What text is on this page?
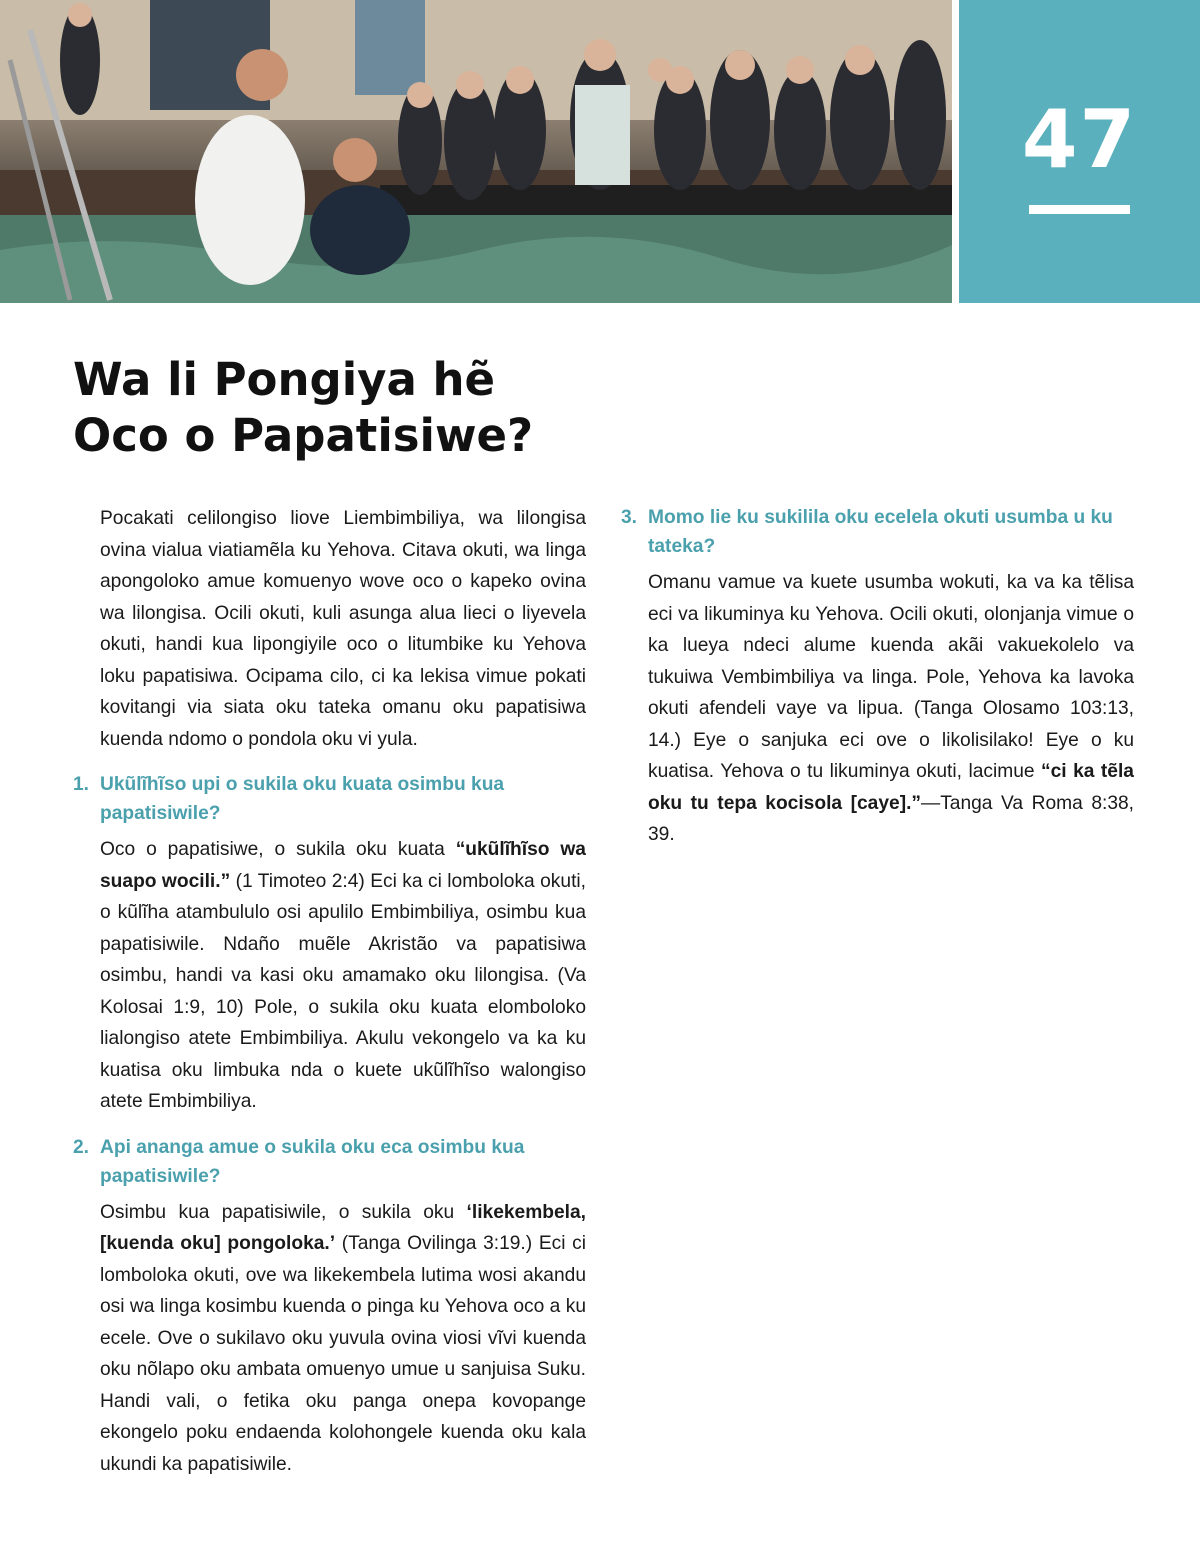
47
Wa li Pongiya hẽ
Oco o Papatisiwe?

Pocakati celilongiso liove Liembimbiliya, wa lilongisa ovina vialua viatiamẽla ku Yehova. Citava okuti, wa linga apongoloko amue komuenyo wove oco o kapeko ovina wa lilongisa. Ocili okuti, kuli asunga alua lieci o liyevela okuti, handi kua lipongiyile oco o litumbike ku Yehova loku papatisiwa. Ocipama cilo, ci ka lekisa vimue pokati kovitangi via siata oku tateka omanu oku papatisiwa kuenda ndomo o pondola oku vi yula.

1. Ukũlĩhĩso upi o sukila oku kuata osimbu kua papatisiwile?

Oco o papatisiwe, o sukila oku kuata “ukũlĩhĩso wa suapo wocili.” (1 Timoteo 2:4) Eci ka ci lomboloka okuti, o kũlĩha atambululo osi apulilo Embimbiliya, osimbu kua papatisiwile. Ndaño muẽle Akristão va papatisiwa osimbu, handi va kasi oku amamako oku lilongisa. (Va Kolosai 1:9, 10) Pole, o sukila oku kuata elomboloko lialongiso atete Embimbiliya. Akulu vekongelo va ka ku kuatisa oku limbuka nda o kuete ukũlĩhĩso walongiso atete Embimbiliya.

2. Api ananga amue o sukila oku eca osimbu kua papatisiwile?

Osimbu kua papatisiwile, o sukila oku ‘likekembela, [kuenda oku] pongoloka.’ (Tanga Ovilinga 3:19.) Eci ci lomboloka okuti, ove wa likekembela lutima wosi akandu osi wa linga kosimbu kuenda o pinga ku Yehova oco a ku ecele. Ove o sukilavo oku yuvula ovina viosi vĩvi kuenda oku nõlapo oku ambata omuenyo umue u sanjuisa Suku. Handi vali, o fetika oku panga onepa kovopange ekongelo poku endaenda kolohongele kuenda oku kala ukundi ka papatisiwile.

3. Momo lie ku sukilila oku ecelela okuti usumba u ku tateka?

Omanu vamue va kuete usumba wokuti, ka va ka tẽlisa eci va likuminya ku Yehova. Ocili okuti, olonjanja vimue o ka lueya ndeci alume kuenda akãi vakuekolelo va tukuiwa Vembimbiliya va linga. Pole, Yehova ka lavoka okuti afendeli vaye va lipua. (Tanga Olosamo 103:13, 14.) Eye o sanjuka eci ove o likolisilako! Eye o ku kuatisa. Yehova o tu likuminya okuti, lacimue “ci ka tẽla oku tu tepa kocisola [caye].”—Tanga Va Roma 8:38, 39.
